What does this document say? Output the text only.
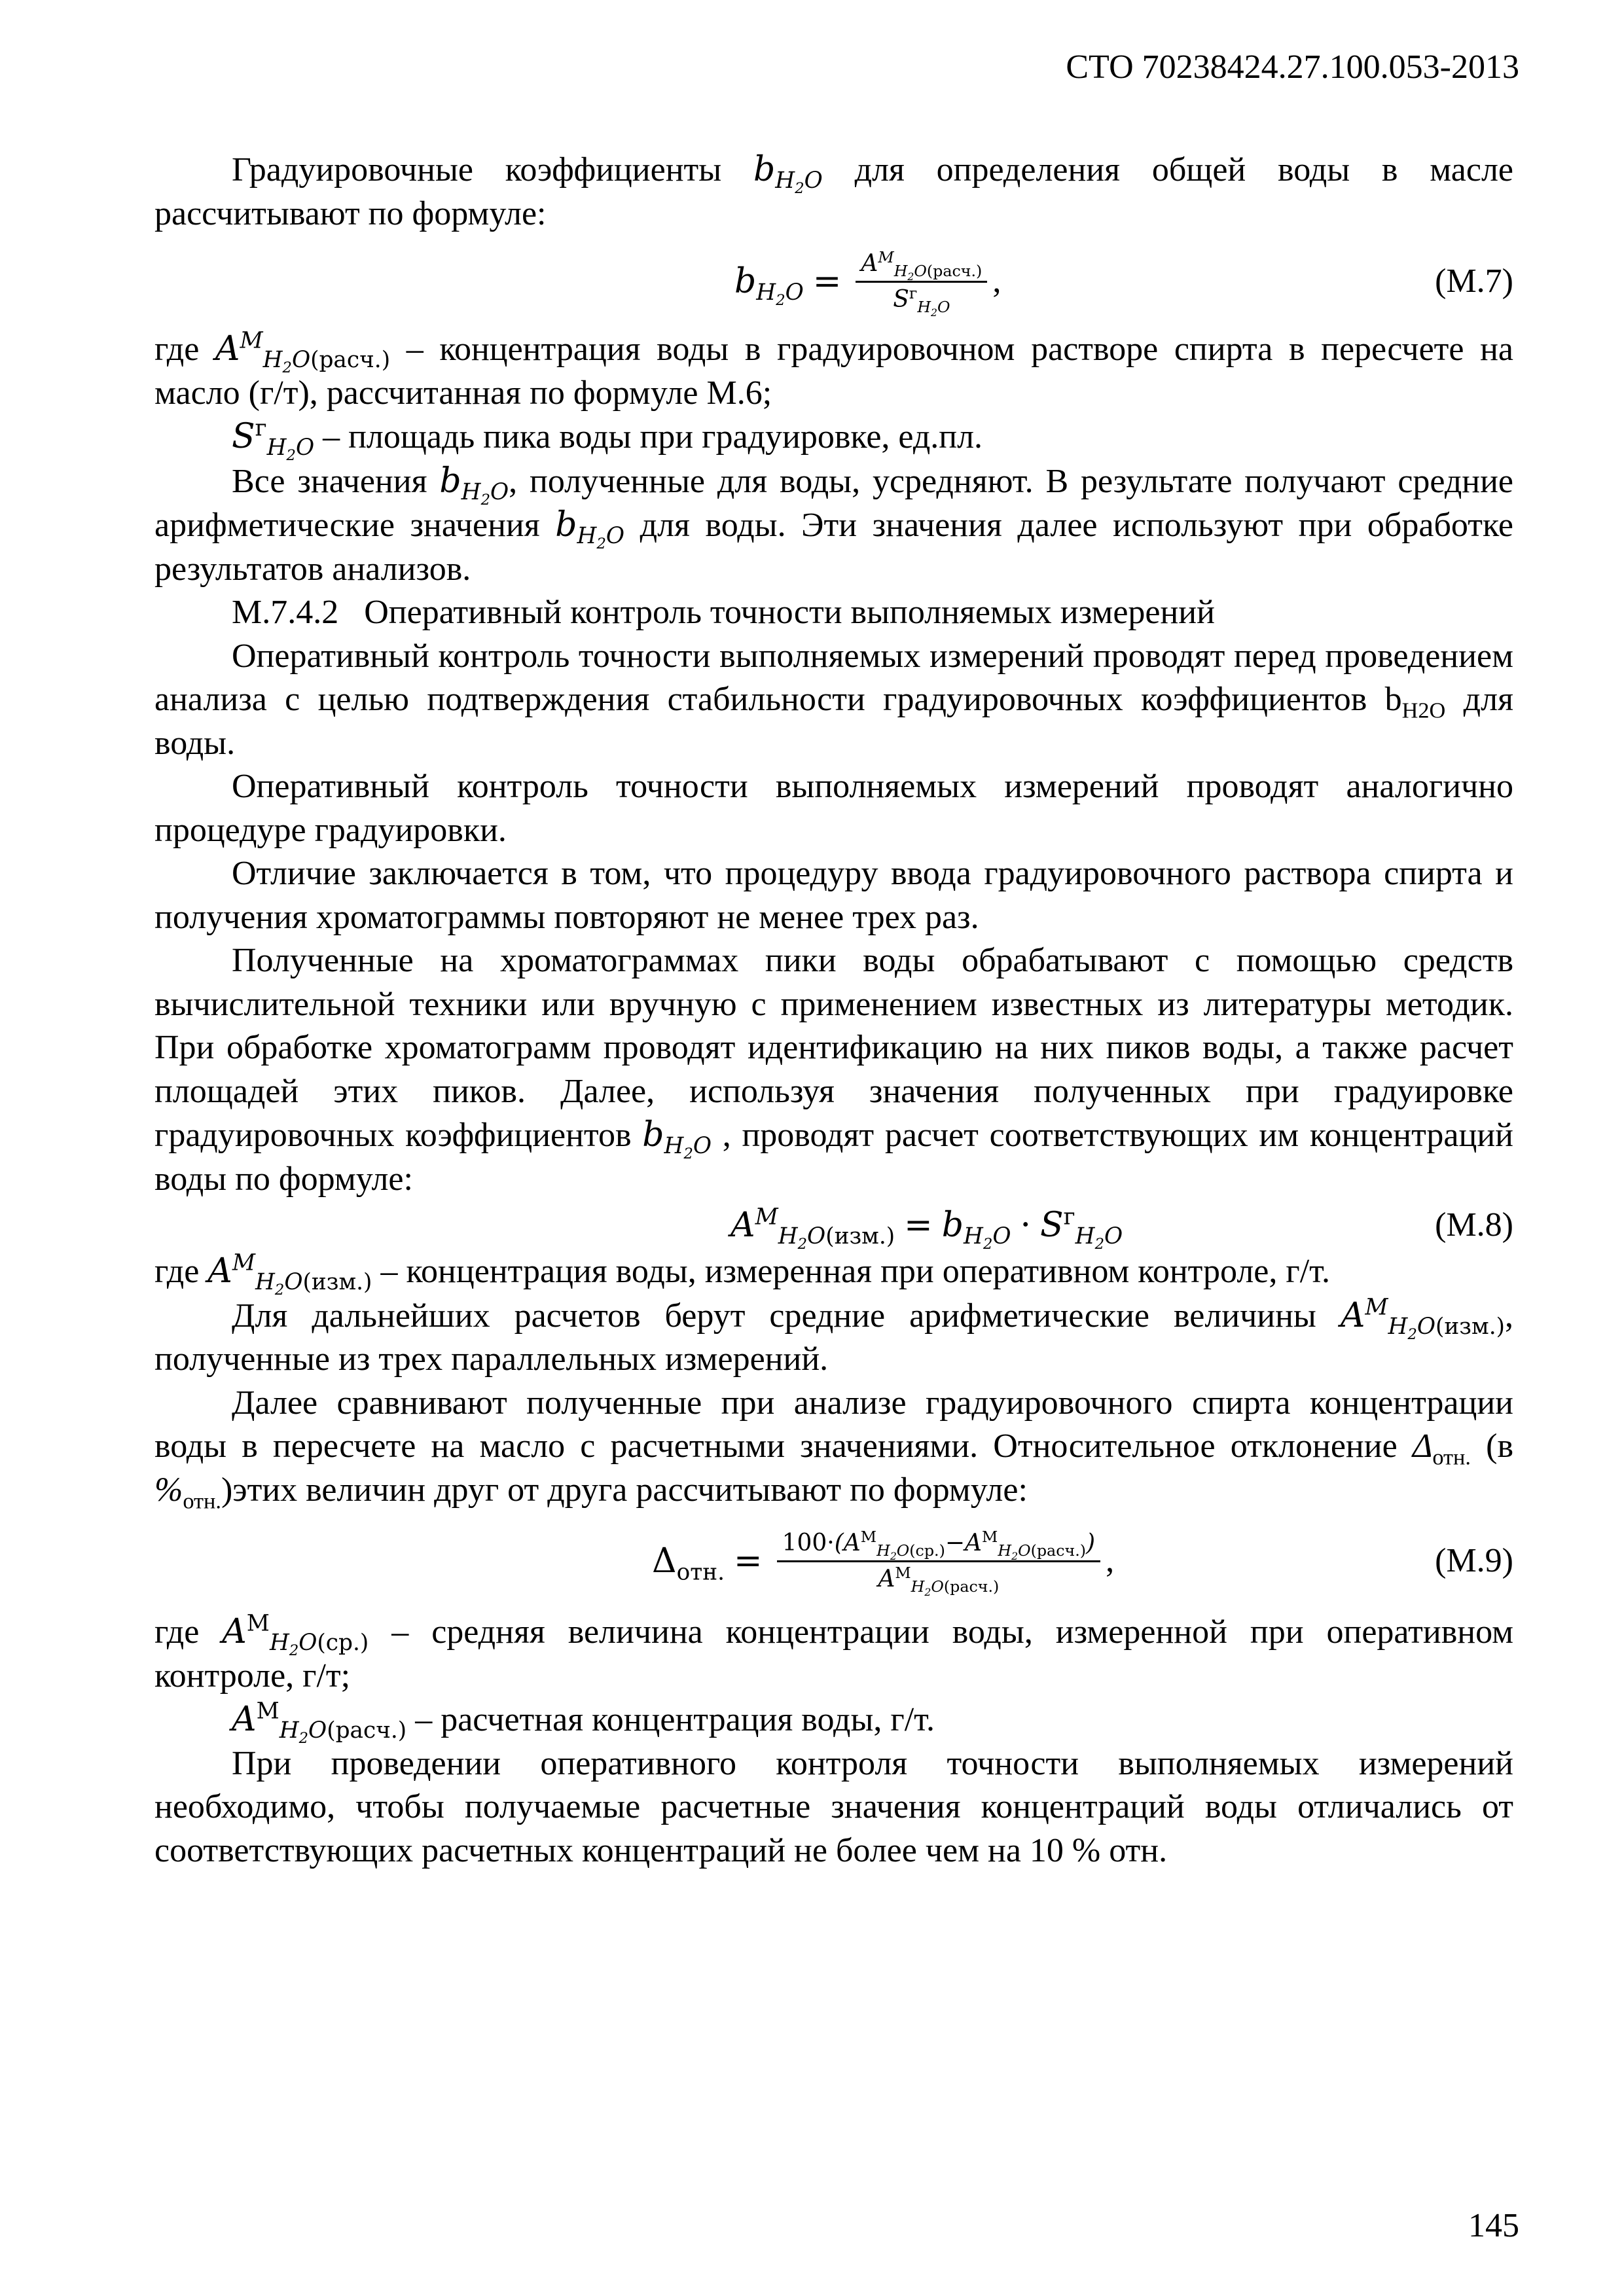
СТО 70238424.27.100.053-2013

Градуировочные коэффициенты $b_{H_2O}$ для определения общей воды в масле рассчитывают по формуле:

$b_{H_2O} = \frac{A^M_{H_2O(расч.)}}{S^г_{H_2O}}$ ,	(М.7)

где $A^M_{H_2O(расч.)}$ – концентрация воды в градуировочном растворе спирта в пересчете на масло (г/т), рассчитанная по формуле М.6;

$S^г_{H_2O}$ – площадь пика воды при градуировке, ед.пл.

Все значения $b_{H_2O}$, полученные для воды, усредняют. В результате получают средние арифметические значения $b_{H_2O}$ для воды. Эти значения далее используют при обработке результатов анализов.

М.7.4.2   Оперативный контроль точности выполняемых измерений

Оперативный контроль точности выполняемых измерений проводят перед проведением анализа с целью подтверждения стабильности градуировочных коэффициентов $b_{H2O}$ для воды.

Оперативный контроль точности выполняемых измерений проводят аналогично процедуре градуировки.

Отличие заключается в том, что процедуру ввода градуировочного раствора спирта и получения хроматограммы повторяют не менее трех раз.

Полученные на хроматограммах пики воды обрабатывают с помощью средств вычислительной техники или вручную с применением известных из литературы методик. При обработке хроматограмм проводят идентификацию на них пиков воды, а также расчет площадей этих пиков. Далее, используя значения полученных при градуировке градуировочных коэффициентов $b_{H_2O}$ , проводят расчет соответствующих им концентраций воды по формуле:

$A^M_{H_2O(изм.)} = b_{H_2O} \cdot S^г_{H_2O}$	(М.8)

где $A^M_{H_2O(изм.)}$ – концентрация воды, измеренная при оперативном контроле, г/т.

Для дальнейших расчетов берут средние арифметические величины $A^M_{H_2O(изм.)}$, полученные из трех параллельных измерений.

Далее сравнивают полученные при анализе градуировочного спирта концентрации воды в пересчете на масло с расчетными значениями. Относительное отклонение $\Delta_{отн.}$ (в $\%_{отн.})этих$ величин друг от друга рассчитывают по формуле:

$\Delta_{отн.} = \frac{100\cdot(A^M_{H_2O(ср.)}-A^M_{H_2O(расч.)})}{A^M_{H_2O(расч.)}}$ ,	(М.9)

где $A^M_{H_2O(ср.)}$ – средняя величина концентрации воды, измеренной при оперативном контроле, г/т;

$A^M_{H_2O(расч.)}$ – расчетная концентрация воды, г/т.

При проведении оперативного контроля точности выполняемых измерений необходимо, чтобы получаемые расчетные значения концентраций воды отличались от соответствующих расчетных концентраций не более чем на 10 % отн.

145
